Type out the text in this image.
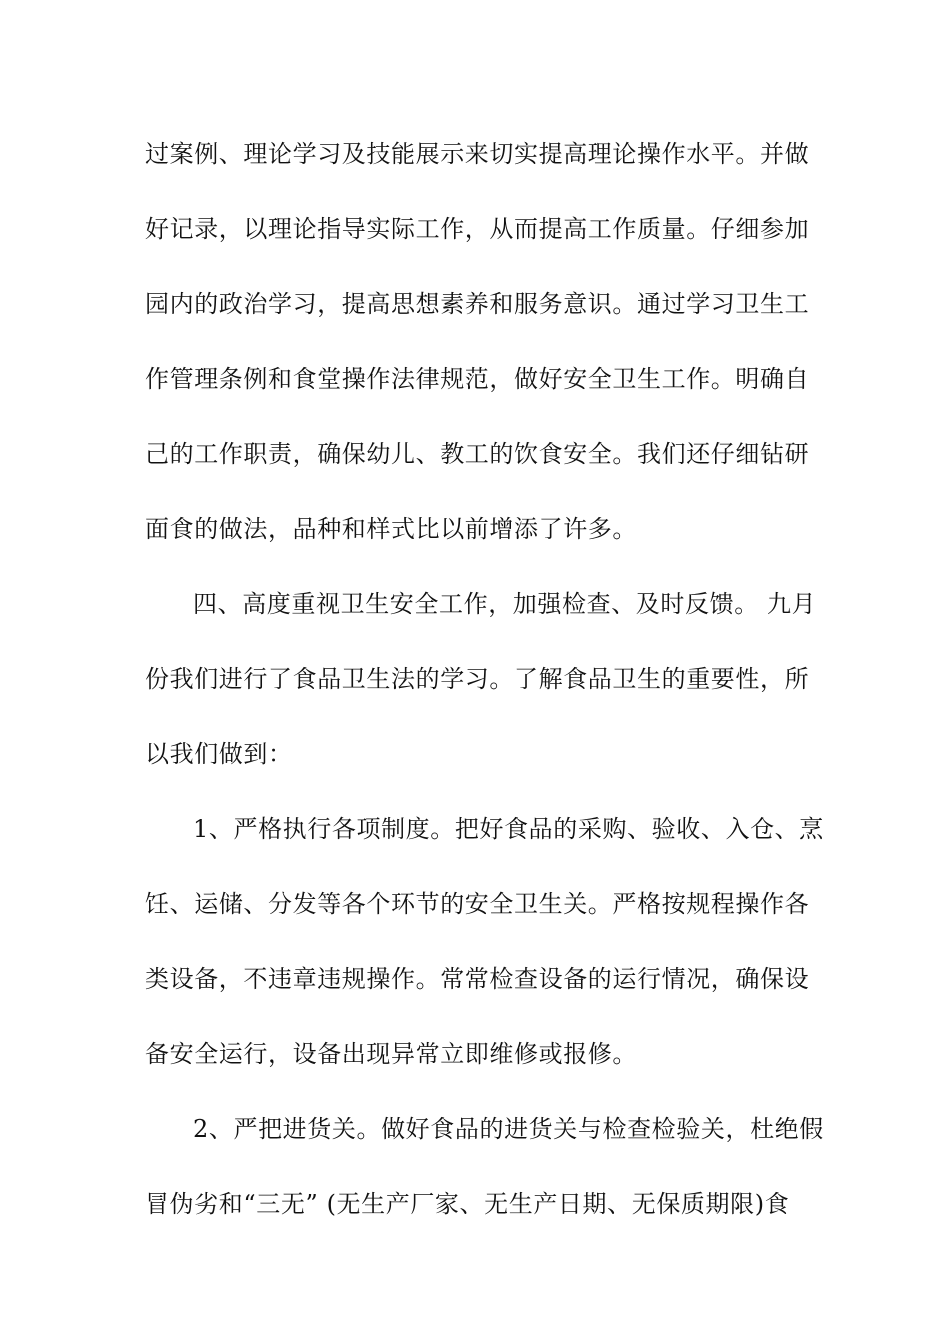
过案例、理论学习及技能展示来切实提高理论操作水平。并做
好记录，以理论指导实际工作，从而提高工作质量。仔细参加
园内的政治学习，提高思想素养和服务意识。通过学习卫生工
作管理条例和食堂操作法律规范，做好安全卫生工作。明确自
己的工作职责，确保幼儿、教工的饮食安全。我们还仔细钻研
面食的做法，品种和样式比以前增添了许多。
四、高度重视卫生安全工作，加强检查、及时反馈。 九月
份我们进行了食品卫生法的学习。了解食品卫生的重要性，所
以我们做到：
1、严格执行各项制度。把好食品的采购、验收、入仓、烹
饪、运储、分发等各个环节的安全卫生关。严格按规程操作各
类设备，不违章违规操作。常常检查设备的运行情况，确保设
备安全运行，设备出现异常立即维修或报修。
2、严把进货关。做好食品的进货关与检查检验关，杜绝假
冒伪劣和“三无” (无生产厂家、无生产日期、无保质期限)食
